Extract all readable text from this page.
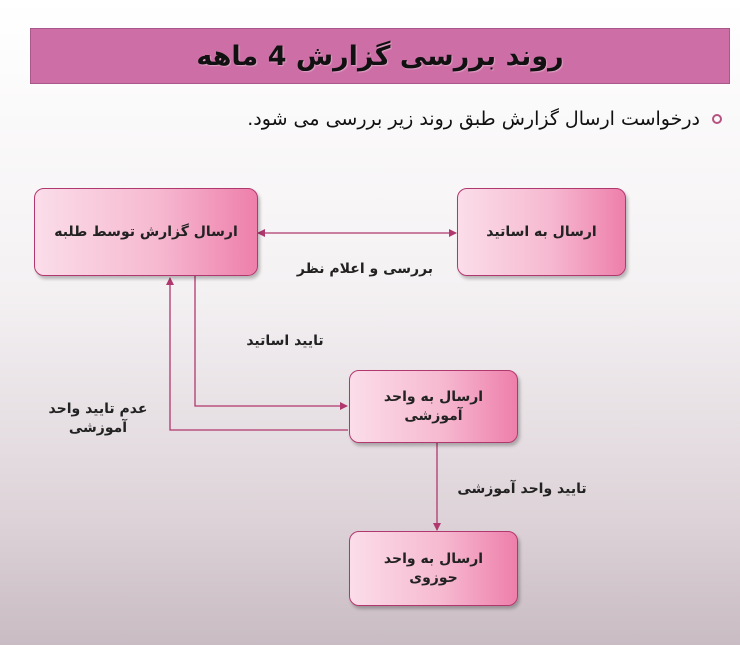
روند بررسی گزارش 4 ماهه
درخواست ارسال گزارش طبق روند زیر بررسی می شود.
ارسال گزارش توسط طلبه	ارسال به اساتید
ارسال به واحد آموزشی
ارسال به واحد حوزوی
بررسی و اعلام نظر
تایید اساتید
عدم تایید واحد آموزشی
تایید واحد آموزشی
